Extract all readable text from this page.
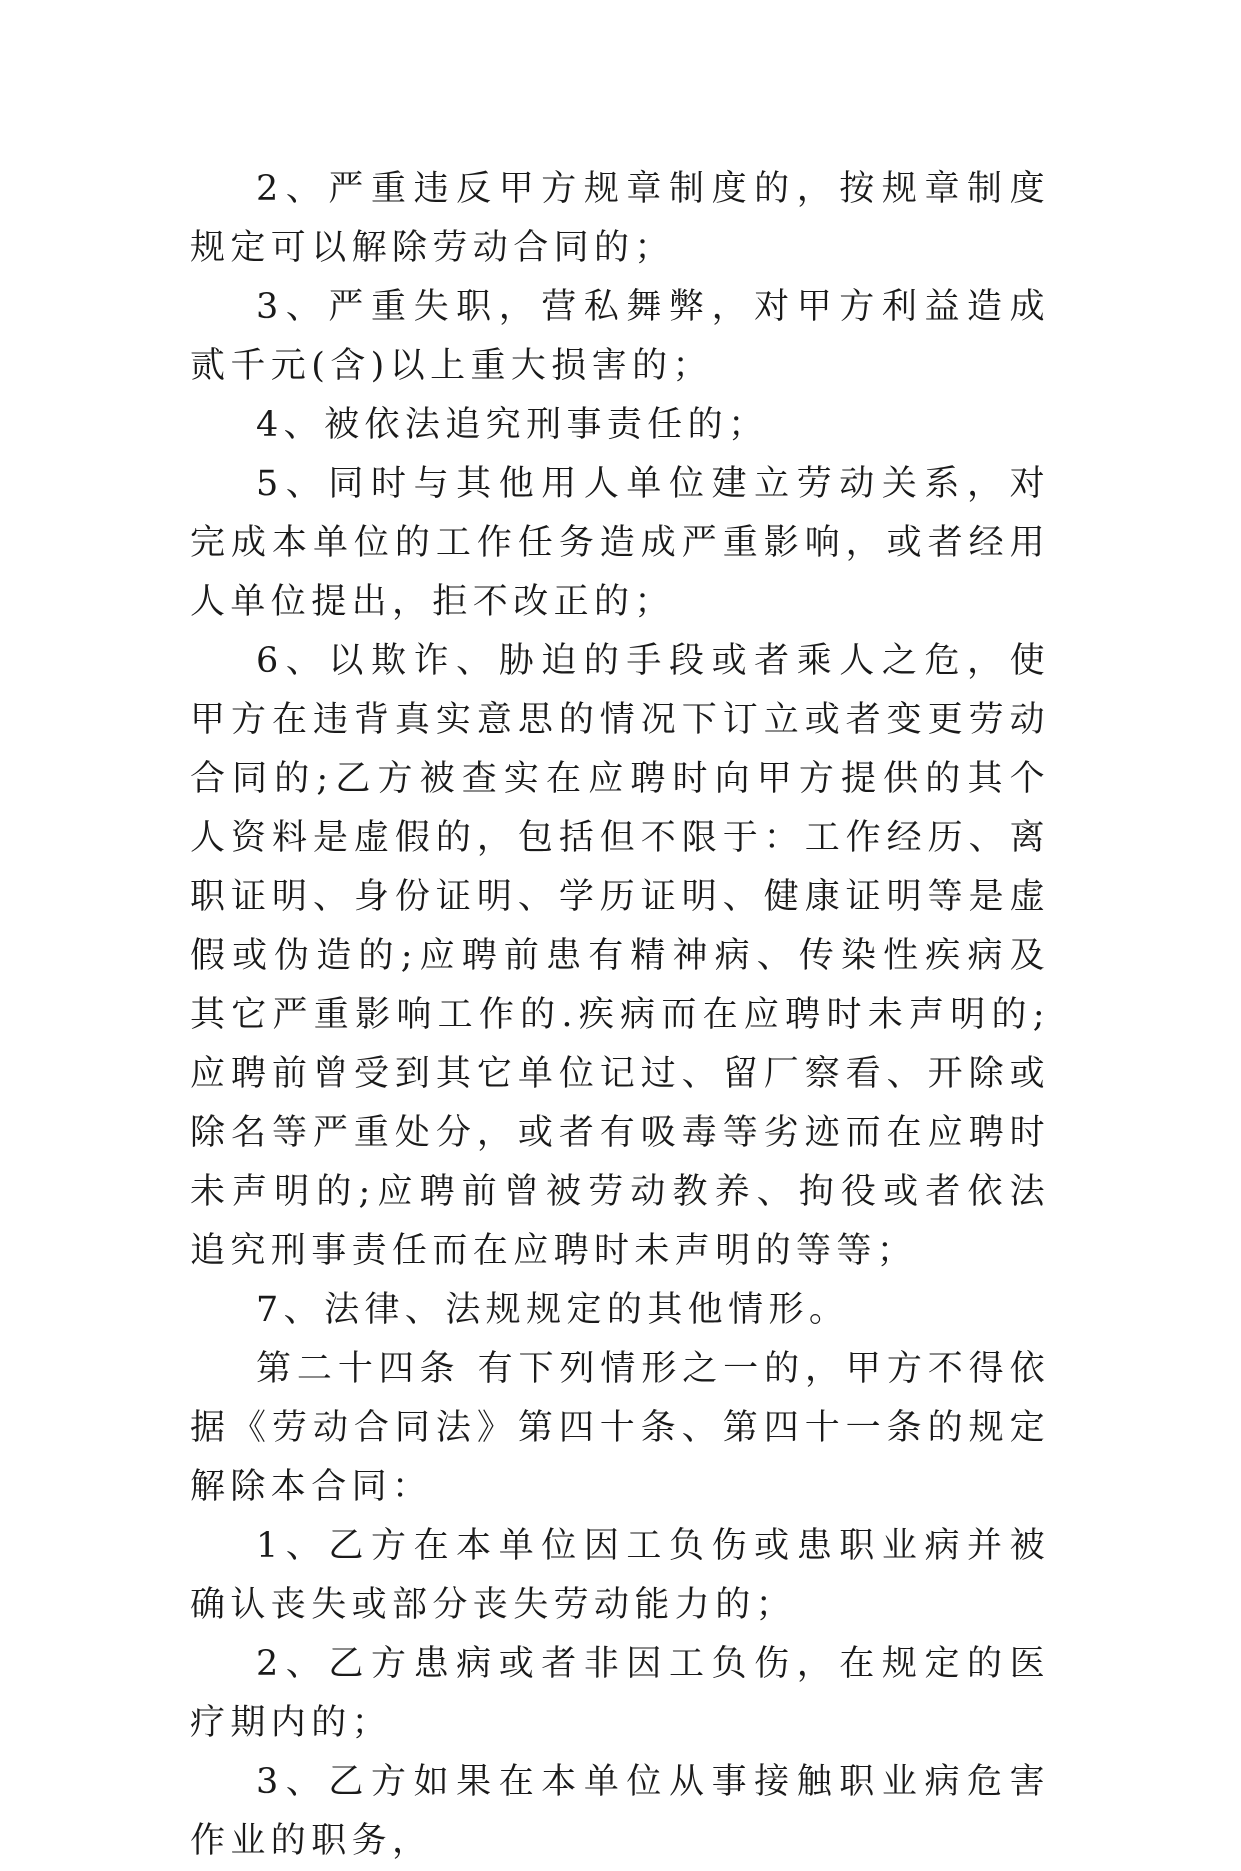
2、严重违反甲方规章制度的，按规章制度规定可以解除劳动合同的；

3、严重失职，营私舞弊，对甲方利益造成贰千元(含)以上重大损害的；

4、被依法追究刑事责任的；

5、同时与其他用人单位建立劳动关系，对完成本单位的工作任务造成严重影响，或者经用人单位提出，拒不改正的；

6、以欺诈、胁迫的手段或者乘人之危，使甲方在违背真实意思的情况下订立或者变更劳动合同的;乙方被查实在应聘时向甲方提供的其个人资料是虚假的，包括但不限于：工作经历、离职证明、身份证明、学历证明、健康证明等是虚假或伪造的;应聘前患有精神病、传染性疾病及其它严重影响工作的.疾病而在应聘时未声明的;应聘前曾受到其它单位记过、留厂察看、开除或除名等严重处分，或者有吸毒等劣迹而在应聘时未声明的;应聘前曾被劳动教养、拘役或者依法追究刑事责任而在应聘时未声明的等等；

7、法律、法规规定的其他情形。

第二十四条 有下列情形之一的，甲方不得依据《劳动合同法》第四十条、第四十一条的规定解除本合同：

1、乙方在本单位因工负伤或患职业病并被确认丧失或部分丧失劳动能力的；

2、乙方患病或者非因工负伤，在规定的医疗期内的；

3、乙方如果在本单位从事接触职业病危害作业的职务，
